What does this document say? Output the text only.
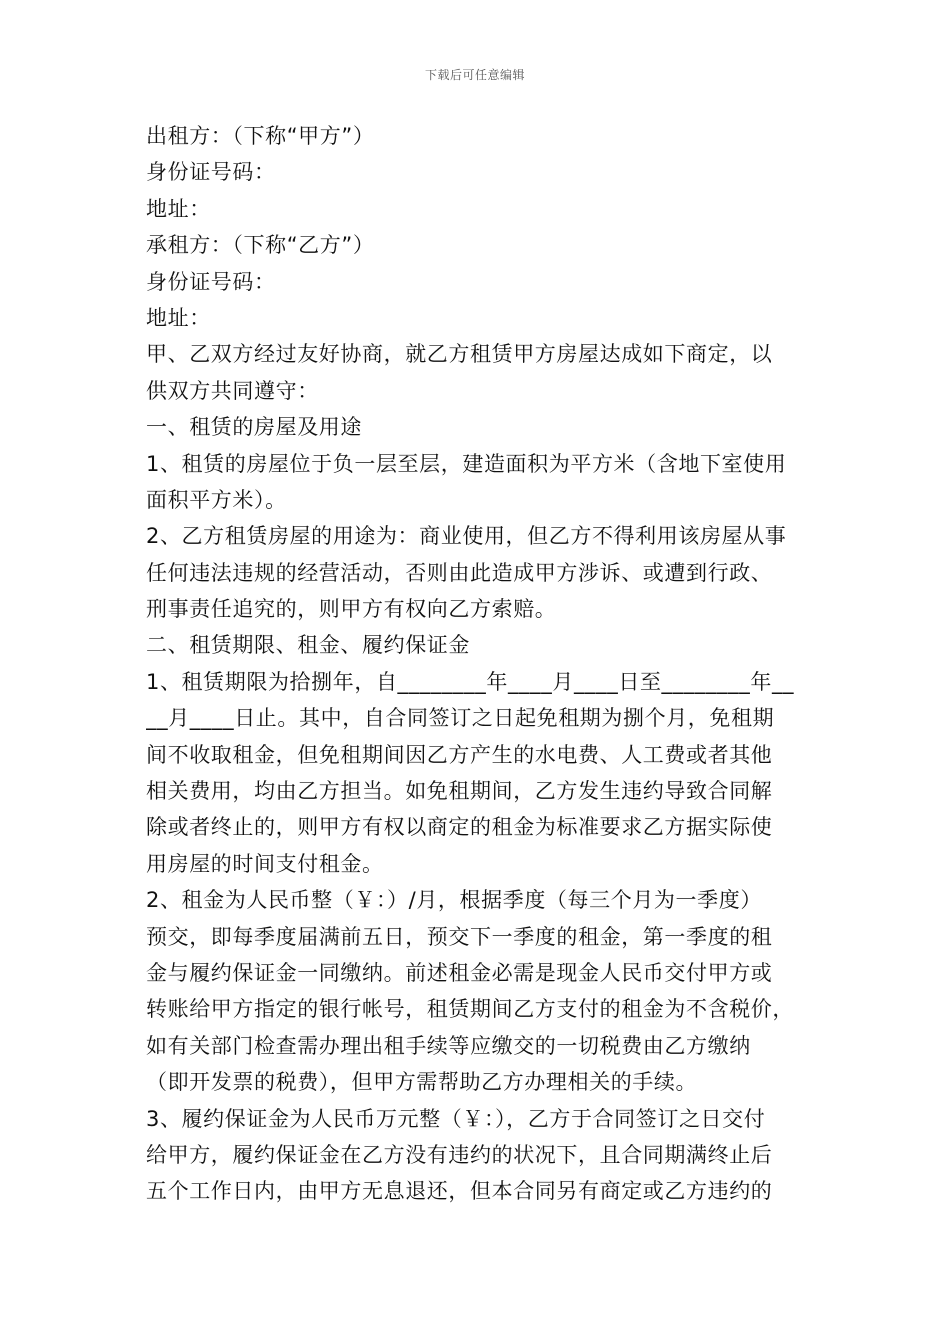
下载后可任意编辑
出租方：（下称“甲方”）
身份证号码：
地址：
承租方：（下称“乙方”）
身份证号码：
地址：
甲、乙双方经过友好协商，就乙方租赁甲方房屋达成如下商定，以
供双方共同遵守：
一、租赁的房屋及用途
1、租赁的房屋位于负一层至层，建造面积为平方米（含地下室使用
面积平方米）。
2、乙方租赁房屋的用途为：商业使用，但乙方不得利用该房屋从事
任何违法违规的经营活动，否则由此造成甲方涉诉、或遭到行政、
刑事责任追究的，则甲方有权向乙方索赔。
二、租赁期限、租金、履约保证金
1、租赁期限为拾捌年，自________年____月____日至________年__
__月____日止。其中，自合同签订之日起免租期为捌个月，免租期
间不收取租金，但免租期间因乙方产生的水电费、人工费或者其他
相关费用，均由乙方担当。如免租期间，乙方发生违约导致合同解
除或者终止的，则甲方有权以商定的租金为标准要求乙方据实际使
用房屋的时间支付租金。
2、租金为人民币整（￥：）/月，根据季度（每三个月为一季度）
预交，即每季度届满前五日，预交下一季度的租金，第一季度的租
金与履约保证金一同缴纳。前述租金必需是现金人民币交付甲方或
转账给甲方指定的银行帐号，租赁期间乙方支付的租金为不含税价，
如有关部门检查需办理出租手续等应缴交的一切税费由乙方缴纳
（即开发票的税费），但甲方需帮助乙方办理相关的手续。
3、履约保证金为人民币万元整（￥：），乙方于合同签订之日交付
给甲方，履约保证金在乙方没有违约的状况下，且合同期满终止后
五个工作日内，由甲方无息退还，但本合同另有商定或乙方违约的
